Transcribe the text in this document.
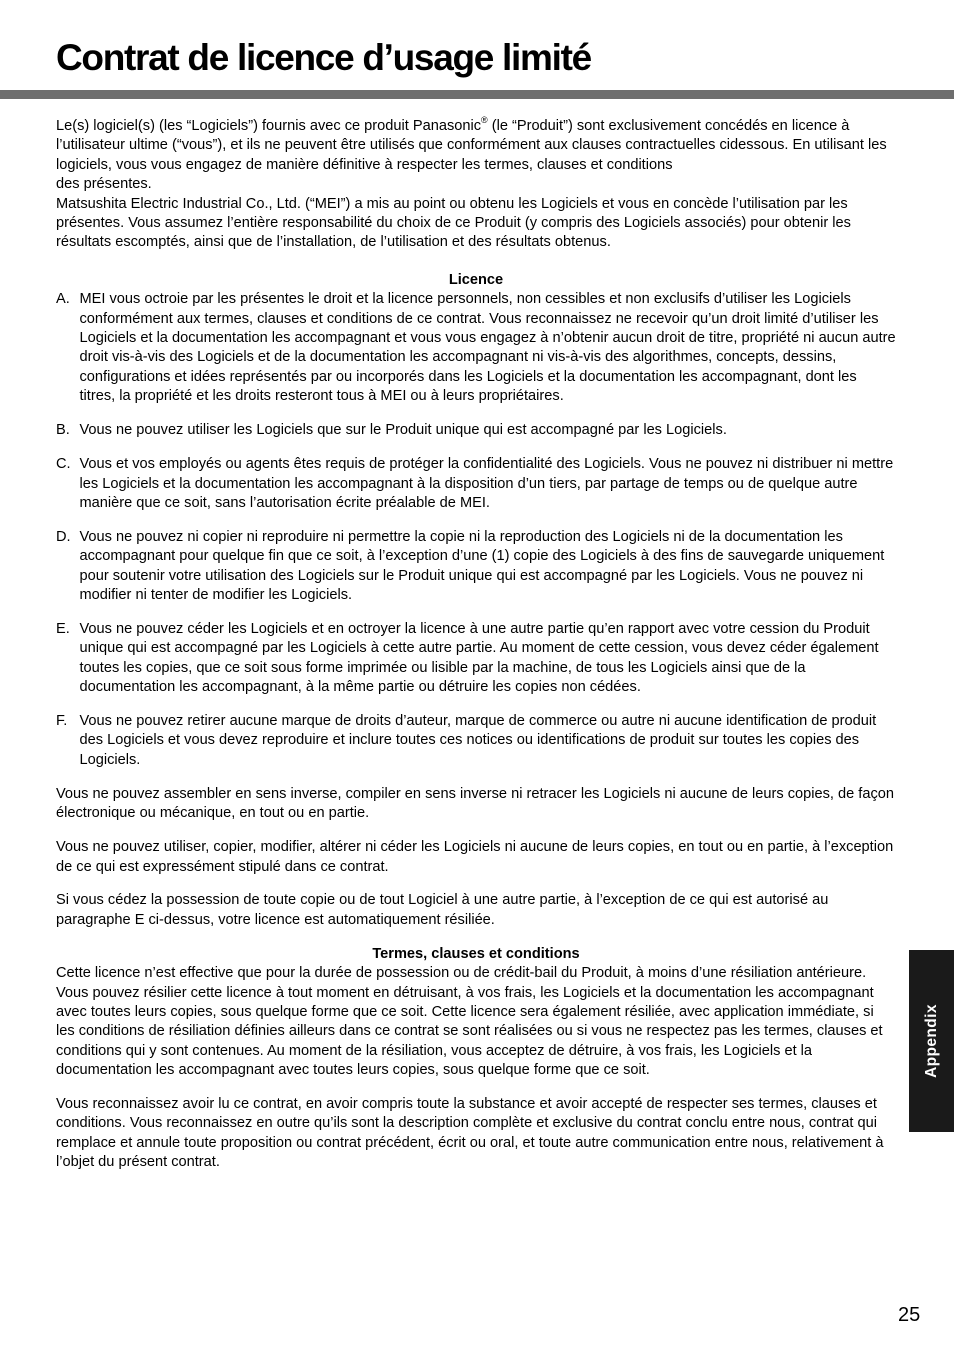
Contrat de licence d’usage limité

Le(s) logiciel(s) (les “Logiciels”) fournis avec ce produit Panasonic® (le “Produit”) sont exclusivement concédés en licence à l’utilisateur ultime (“vous”), et ils ne peuvent être utilisés que conformément aux clauses contractuelles cidessous. En utilisant les logiciels, vous vous engagez de manière définitive à respecter les termes, clauses et conditions

des présentes.

Matsushita Electric Industrial Co., Ltd. (“MEI”) a mis au point ou obtenu les Logiciels et vous en concède l’utilisation par les présentes. Vous assumez l’entière responsabilité du choix de ce Produit (y compris des Logiciels associés) pour obtenir les résultats escomptés, ainsi que de l’installation, de l’utilisation et des résultats obtenus.

Licence

A. MEI vous octroie par les présentes le droit et la licence personnels, non cessibles et non exclusifs d’utiliser les Logiciels conformément aux termes, clauses et conditions de ce contrat. Vous reconnaissez ne recevoir qu’un droit limité d’utiliser les Logiciels et la documentation les accompagnant et vous vous engagez à n’obtenir aucun droit de titre, propriété ni aucun autre droit vis-à-vis des Logiciels et de la documentation les accompagnant ni vis-à-vis des algorithmes, concepts, dessins, configurations et idées représentés par ou incorporés dans les Logiciels et la documentation les accompagnant, dont les titres, la propriété et les droits resteront tous à MEI ou à leurs propriétaires.
B. Vous ne pouvez utiliser les Logiciels que sur le Produit unique qui est accompagné par les Logiciels.
C. Vous et vos employés ou agents êtes requis de protéger la confidentialité des Logiciels. Vous ne pouvez ni distribuer ni mettre les Logiciels et la documentation les accompagnant à la disposition d’un tiers, par partage de temps ou de quelque autre manière que ce soit, sans l’autorisation écrite préalable de MEI.
D. Vous ne pouvez ni copier ni reproduire ni permettre la copie ni la reproduction des Logiciels ni de la documentation les accompagnant pour quelque fin que ce soit, à l’exception d’une (1) copie des Logiciels à des fins de sauvegarde uniquement pour soutenir votre utilisation des Logiciels sur le Produit unique qui est accompagné par les Logiciels. Vous ne pouvez ni modifier ni tenter de modifier les Logiciels.
E. Vous ne pouvez céder les Logiciels et en octroyer la licence à une autre partie qu’en rapport avec votre cession du Produit unique qui est accompagné par les Logiciels à cette autre partie. Au moment de cette cession, vous devez céder également toutes les copies, que ce soit sous forme imprimée ou lisible par la machine, de tous les Logiciels ainsi que de la documentation les accompagnant, à la même partie ou détruire les copies non cédées.
F. Vous ne pouvez retirer aucune marque de droits d’auteur, marque de commerce ou autre ni aucune identification de produit des Logiciels et vous devez reproduire et inclure toutes ces notices ou identifications de produit sur toutes les copies des Logiciels.

Vous ne pouvez assembler en sens inverse, compiler en sens inverse ni retracer les Logiciels ni aucune de leurs copies, de façon électronique ou mécanique, en tout ou en partie.

Vous ne pouvez utiliser, copier, modifier, altérer ni céder les Logiciels ni aucune de leurs copies, en tout ou en partie, à l’exception de ce qui est expressément stipulé dans ce contrat.

Si vous cédez la possession de toute copie ou de tout Logiciel à une autre partie, à l’exception de ce qui est autorisé au paragraphe E ci-dessus, votre licence est automatiquement résiliée.

Termes, clauses et conditions

Cette licence n’est effective que pour la durée de possession ou de crédit-bail du Produit, à moins d’une résiliation antérieure. Vous pouvez résilier cette licence à tout moment en détruisant, à vos frais, les Logiciels et la documentation les accompagnant avec toutes leurs copies, sous quelque forme que ce soit. Cette licence sera également résiliée, avec application immédiate, si les conditions de résiliation définies ailleurs dans ce contrat se sont réalisées ou si vous ne respectez pas les termes, clauses et conditions qui y sont contenues. Au moment de la résiliation, vous acceptez de détruire, à vos frais, les Logiciels et la documentation les accompagnant avec toutes leurs copies, sous quelque forme que ce soit.

Vous reconnaissez avoir lu ce contrat, en avoir compris toute la substance et avoir accepté de respecter ses termes, clauses et conditions. Vous reconnaissez en outre qu’ils sont la description complète et exclusive du contrat conclu entre nous, contrat qui remplace et annule toute proposition ou contrat précédent, écrit ou oral, et toute autre communication entre nous, relativement à l’objet du présent contrat.

Appendix
25
